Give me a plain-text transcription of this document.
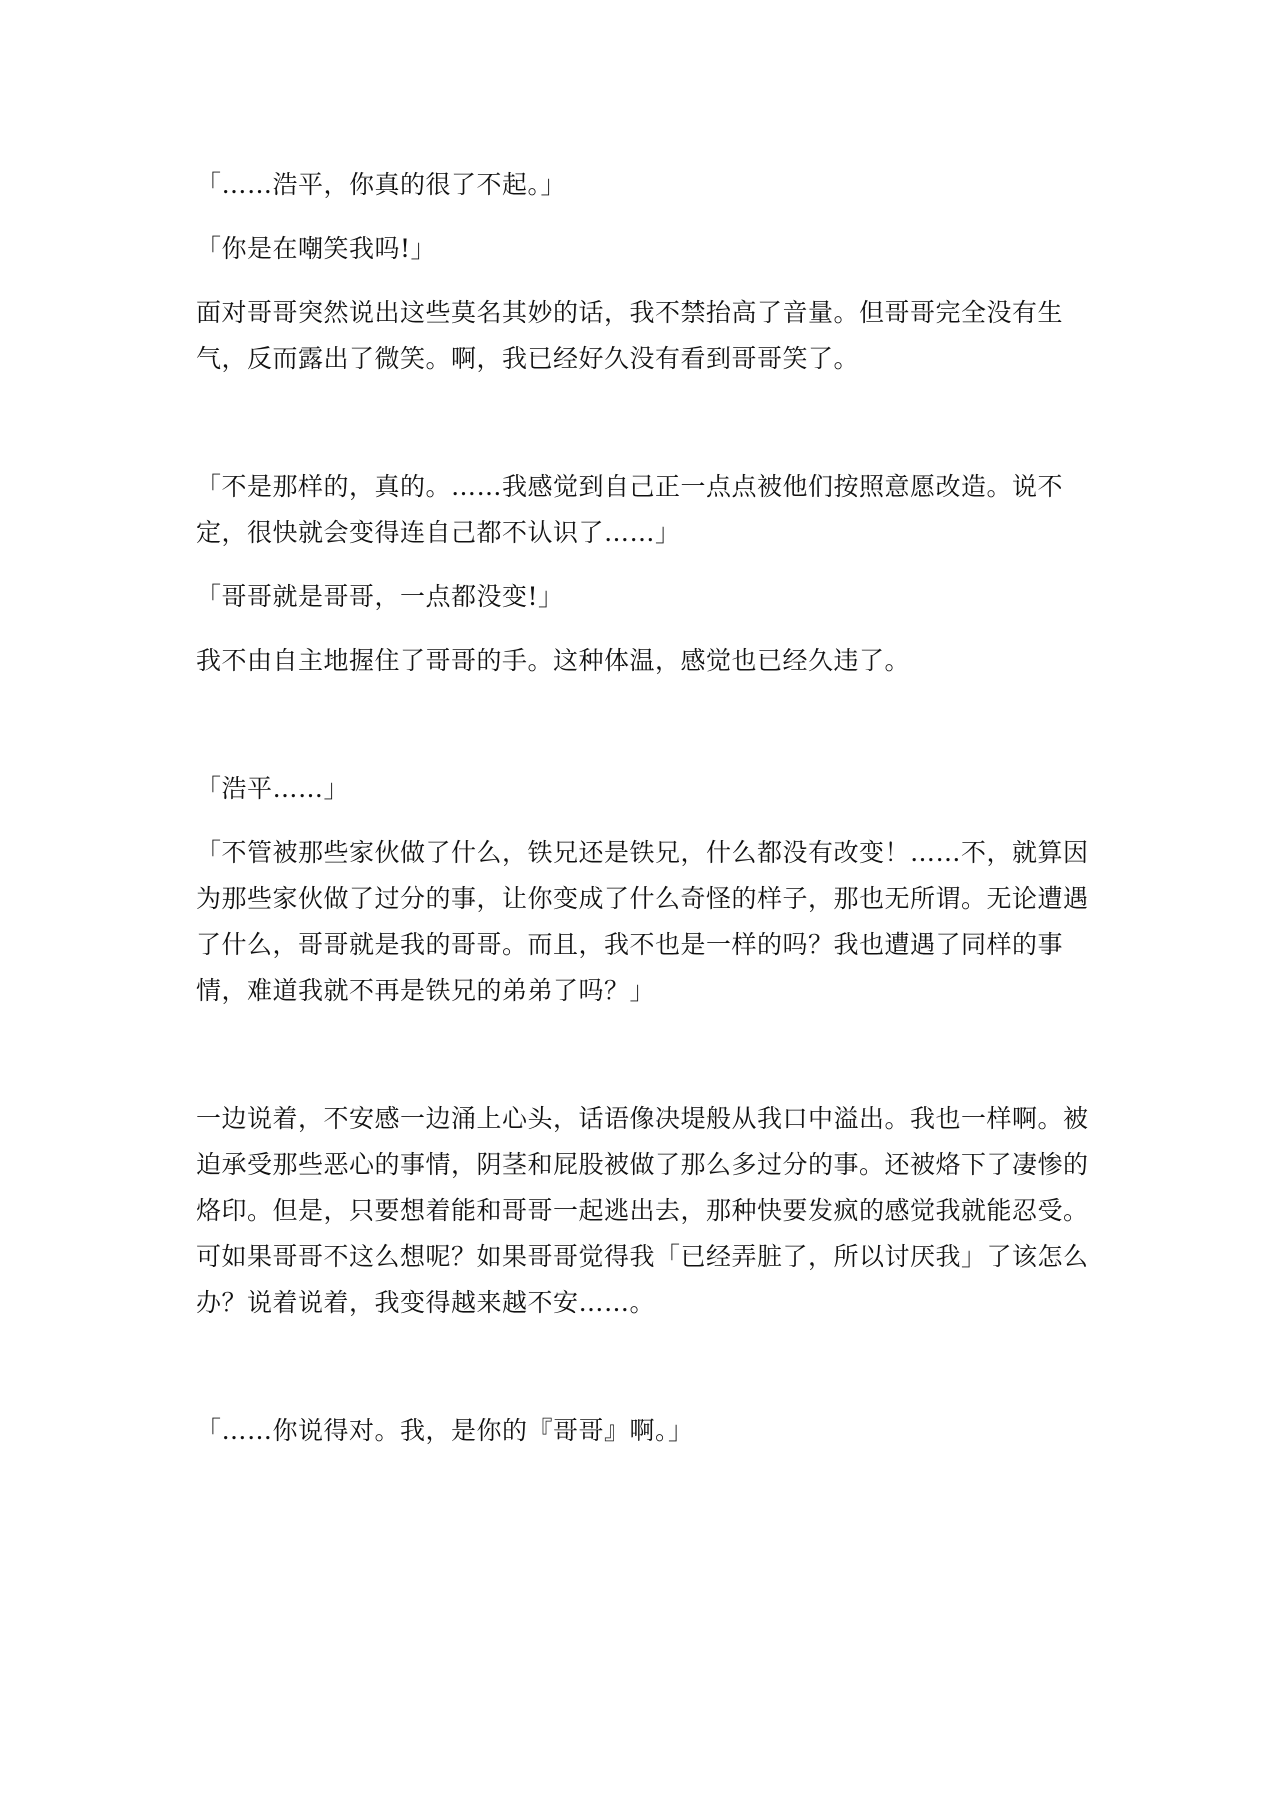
「……浩平，你真的很了不起。」

「你是在嘲笑我吗!」

面对哥哥突然说出这些莫名其妙的话，我不禁抬高了音量。但哥哥完全没有生气，反而露出了微笑。啊，我已经好久没有看到哥哥笑了。

「不是那样的，真的。……我感觉到自己正一点点被他们按照意愿改造。说不定，很快就会变得连自己都不认识了……」

「哥哥就是哥哥，一点都没变!」

我不由自主地握住了哥哥的手。这种体温，感觉也已经久违了。

「浩平……」

「不管被那些家伙做了什么，铁兄还是铁兄，什么都没有改变！……不，就算因为那些家伙做了过分的事，让你变成了什么奇怪的样子，那也无所谓。无论遭遇了什么，哥哥就是我的哥哥。而且，我不也是一样的吗？我也遭遇了同样的事情，难道我就不再是铁兄的弟弟了吗？」

一边说着，不安感一边涌上心头，话语像决堤般从我口中溢出。我也一样啊。被迫承受那些恶心的事情，阴茎和屁股被做了那么多过分的事。还被烙下了凄惨的烙印。但是，只要想着能和哥哥一起逃出去，那种快要发疯的感觉我就能忍受。可如果哥哥不这么想呢？如果哥哥觉得我「已经弄脏了，所以讨厌我」了该怎么办？说着说着，我变得越来越不安……。

「……你说得对。我，是你的『哥哥』啊。」
